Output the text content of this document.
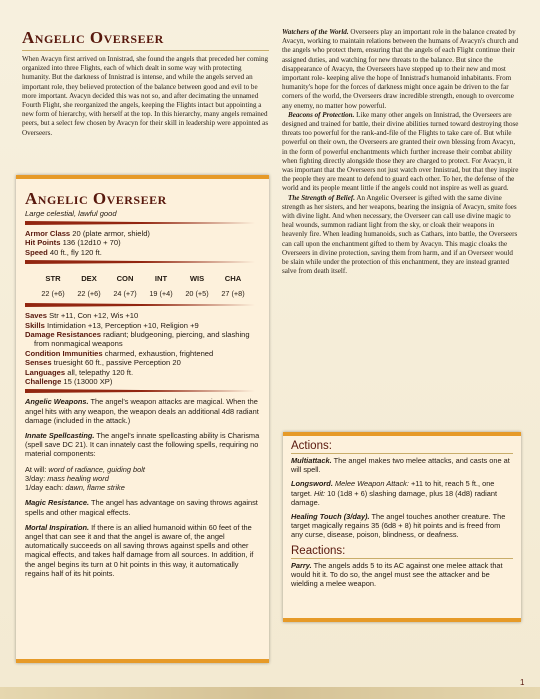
Angelic Overseer

When Avacyn first arrived on Innistrad, she found the angels that preceded her coming organized into three Flights, each of which dealt in some way with protecting humanity. But the darkness of Innistrad is intense, and while the angels served an important role, they believed protection of the balance between good and evil to be more important. Avacyn decided this was not so, and after decimating the unnamed Fourth Flight, she reorganized the angels, keeping the Flights intact but appointing a new form of hierarchy, with herself at the top. In this hierarchy, many angels remained peers, but a select few chosen by Avacyn for their skill in leadership were appointed as Overseers.

Angelic Overseer
Large celestial, lawful good
Armor Class 20 (plate armor, shield)
Hit Points 136 (12d10 + 70)
Speed 40 ft., fly 120 ft.
STR
22 (+6)
DEX
22 (+6)
CON
24 (+7)
INT
19 (+4)
WIS
20 (+5)
CHA
27 (+8)
Saves Str +11, Con +12, Wis +10
Skills Intimidation +13, Perception +10, Religion +9
Damage Resistances radiant; bludgeoning, piercing, and slashing from nonmagical weapons
Condition Immunities charmed, exhaustion, frightened
Senses truesight 60 ft., passive Perception 20
Languages all, telepathy 120 ft.
Challenge 15 (13000 XP)

Angelic Weapons. The angel's weapon attacks are magical. When the angel hits with any weapon, the weapon deals an additional 4d8 radiant damage (included in the attack.)

Innate Spellcasting. The angel's innate spellcasting ability is Charisma (spell save DC 21). It can innately cast the following spells, requiring no material components:

At will: word of radiance, guiding bolt
3/day: mass healing word
1/day each: dawn, flame strike

Magic Resistance. The angel has advantage on saving throws against spells and other magical effects.

Mortal Inspiration. If there is an allied humanoid within 60 feet of the angel that can see it and that the angel is aware of, the angel automatically succeeds on all saving throws against spells and other magical effects, and takes half damage from all sources. In addition, if the angel begins its turn at 0 hit points in this way, it automatically regains half of its hit points.

Watchers of the World. Overseers play an important role in the balance created by Avacyn, working to maintain relations between the humans of Avacyn's church and the angels who protect them, ensuring that the angels of each Flight continue their assigned duties, and watching for new threats to the balance. But since the disappearance of Avacyn, the Overseers have stepped up to their new and most important role- keeping alive the hope of Innistrad's humanoid inhabitants. From humanity's hope for the forces of darkness might once again be driven to the far corners of the world, the Overseers draw incredible strength, enough to overcome any enemy, no matter how powerful.

Beacons of Protection. Like many other angels on Innistrad, the Overseers are designed and trained for battle, their divine abilities turned toward destroying those threats too powerful for the rank-and-file of the Flights to take care of. But while powerful on their own, the Overseers are granted their own blessing from Avacyn, in the form of powerful enchantments which further increase their combat ability when fighting directly alongside those they are charged to protect. For Avacyn, it was important that the Overseers not just watch over Innistrad, but that they inspire the people they are meant to defend to guard each other. To her, the defense of the world and its people meant little if the angels could not inspire as well as guard.

The Strength of Belief. An Angelic Overseer is gifted with the same divine strength as her sisters, and her weapons, bearing the insignia of Avacyn, smite foes with divine light. And when necessary, the Overseer can call use divine magic to heal wounds, summon radiant light from the sky, or cloak their weapons in heavenly fire. When leading humanoids, such as Cathars, into battle, the Overseers can call upon the enchantment gifted to them by Avacyn. This magic cloaks the Overseers in divine protection, saving them from harm, and if an Overseer would be slain while under the protection of this enchantment, they are instead granted salve from death itself.

Actions:

Multiattack. The angel makes two melee attacks, and casts one at will spell.

Longsword. Melee Weapon Attack: +11 to hit, reach 5 ft., one target. Hit: 10 (1d8 + 6) slashing damage, plus 18 (4d8) radiant damage.

Healing Touch (3/day). The angel touches another creature. The target magically regains 35 (6d8 + 8) hit points and is freed from any curse, disease, poison, blindness, or deafness.

Reactions:

Parry. The angels adds 5 to its AC against one melee attack that would hit it. To do so, the angel must see the attacker and be wielding a melee weapon.

1
